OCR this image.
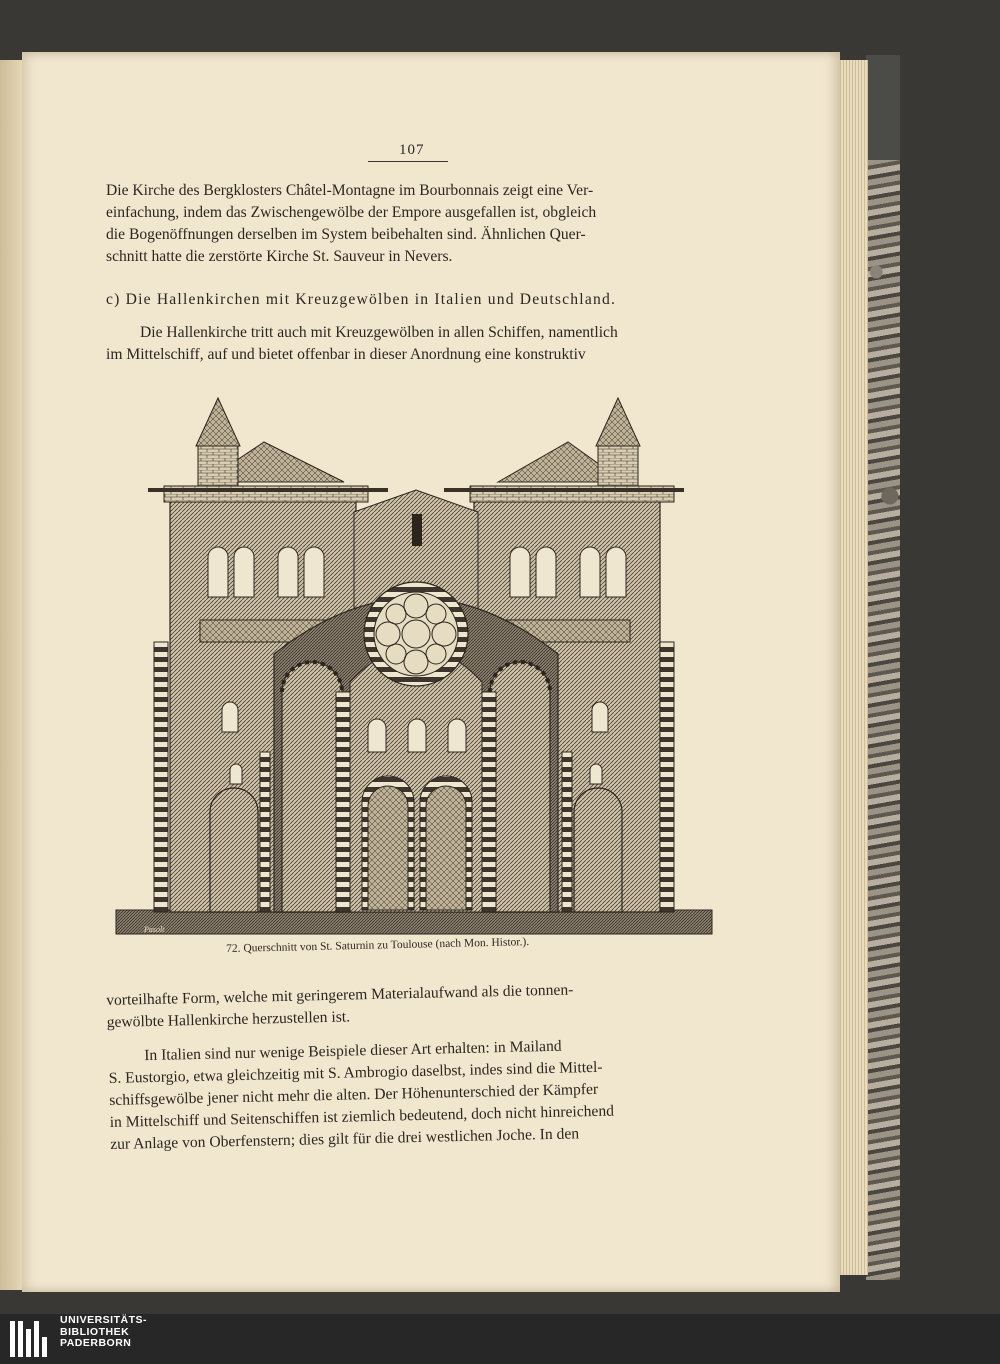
107
Die Kirche des Bergklosters Châtel-Montagne im Bourbonnais zeigt eine Ver-
einfachung, indem das Zwischengewölbe der Empore ausgefallen ist, obgleich
die Bogenöffnungen derselben im System beibehalten sind. Ähnlichen Quer-
schnitt hatte die zerstörte Kirche St. Sauveur in Nevers.
c) Die Hallenkirchen mit Kreuzgewölben in Italien und Deutschland.
Die Hallenkirche tritt auch mit Kreuzgewölben in allen Schiffen, namentlich
im Mittelschiff, auf und bietet offenbar in dieser Anordnung eine konstruktiv
Pasolt
72. Querschnitt von St. Saturnin zu Toulouse (nach Mon. Histor.).
vorteilhafte Form, welche mit geringerem Materialaufwand als die tonnen-
gewölbte Hallenkirche herzustellen ist.
In Italien sind nur wenige Beispiele dieser Art erhalten: in Mailand
S. Eustorgio, etwa gleichzeitig mit S. Ambrogio daselbst, indes sind die Mittel-
schiffsgewölbe jener nicht mehr die alten. Der Höhenunterschied der Kämpfer
in Mittelschiff und Seitenschiffen ist ziemlich bedeutend, doch nicht hinreichend
zur Anlage von Oberfenstern; dies gilt für die drei westlichen Joche. In den
UNIVERSITÄTS-
BIBLIOTHEK
PADERBORN
